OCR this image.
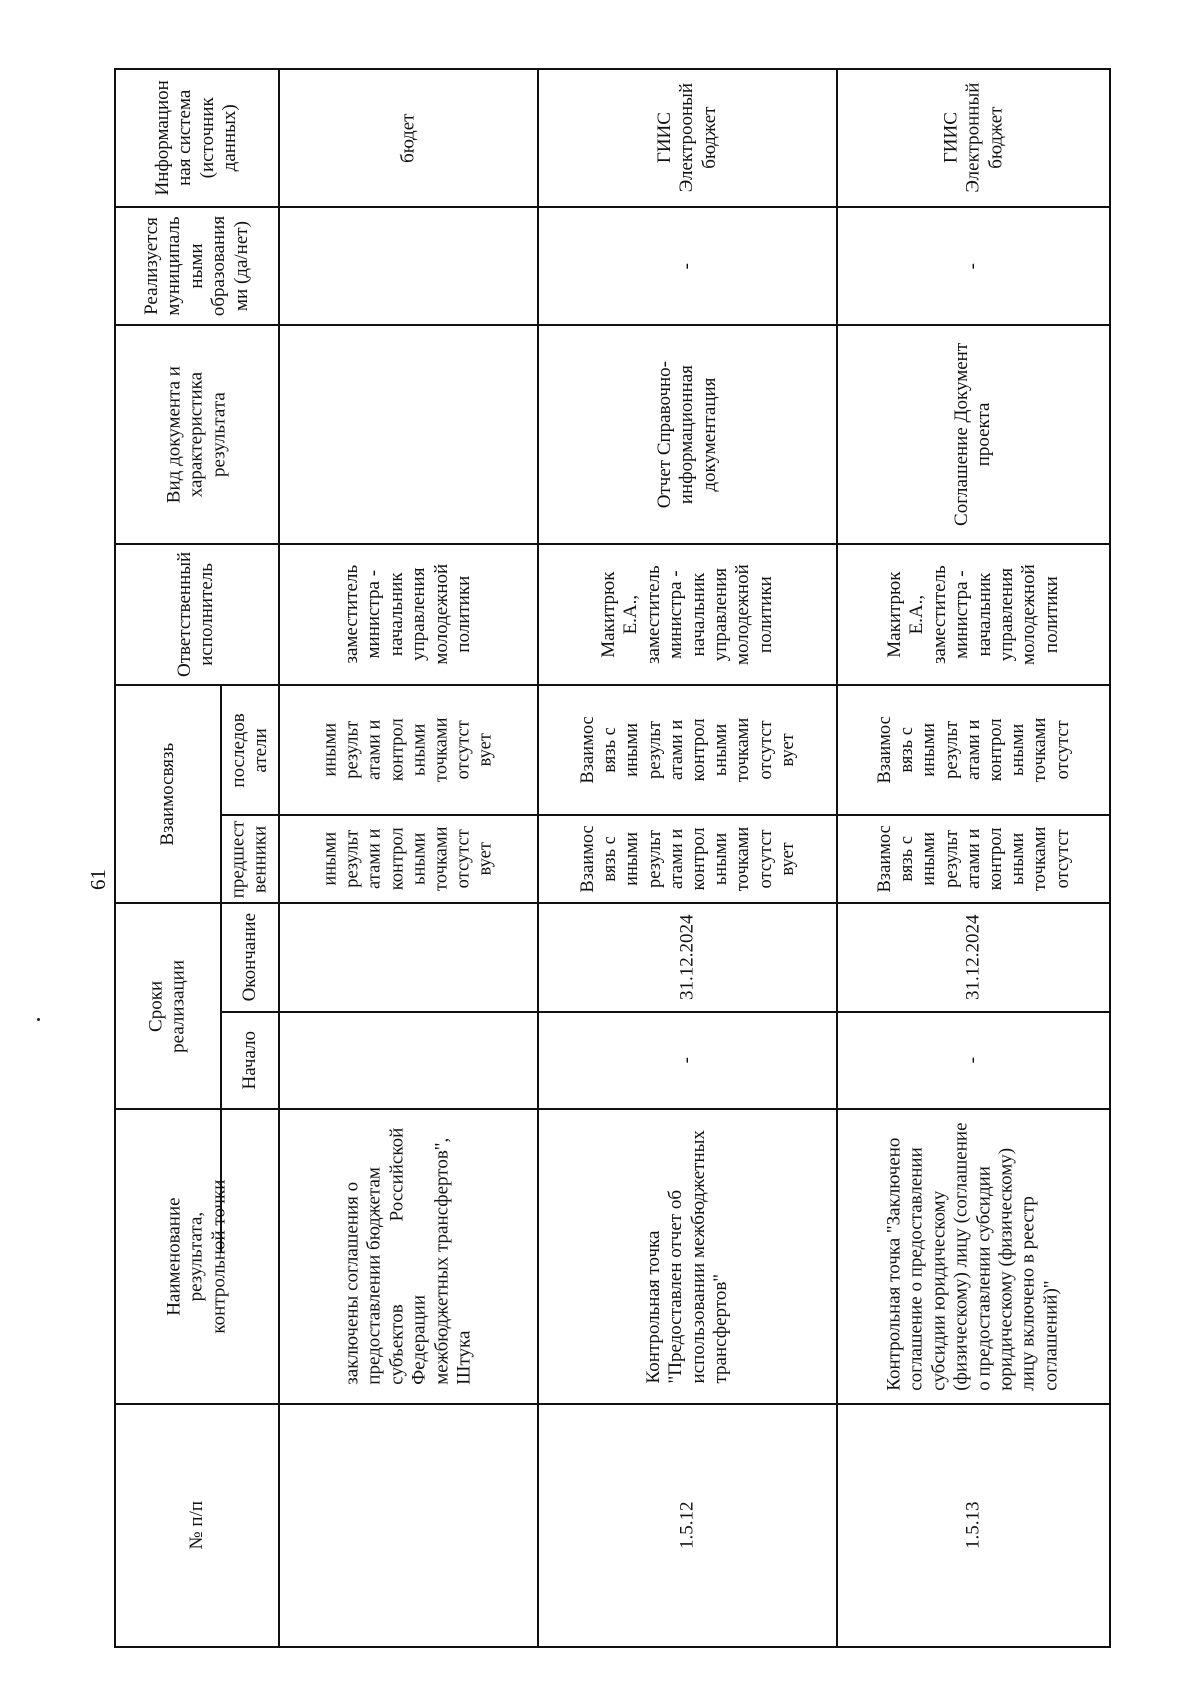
61
Информацион
ная система
(источник
данных)
Реализуется
муниципаль
ными
образования
ми (да/нет)
Вид документа и
характеристика результата
Ответственный
исполнитель
Взаимосвязь	последов
атели
предшест
венники
Сроки реализации
Окончание
Начало
Наименование результата,
контрольной точки
№ п/п
бюдет
заместитель
министра -
начальник
управления
молодежной
политики
иными
результ
атами и
контрол
ьными
точками
отсутст
вует
иными
результ
атами и
контрол
ьными
точками
отсутст
вует
заключены соглашения о
предоставлении бюджетам
субъектов Российской Федерации
межбюджетных трансфертов",
Штука
ГИИС
Электрооный
бюджет
-
Отчет Справочно-
информационная
документация
Макитрюк
Е.А.,
заместитель
министра -
начальник
управления
молодежной
политики
Взаимос
вязь с
иными
результ
атами и
контрол
ьными
точками
отсутст
вует
Взаимос
вязь с
иными
результ
атами и
контрол
ьными
точками
отсутст
вует
31.12.2024
-
Контрольная точка
"Предоставлен отчет об
использовании межбюджетных
трансфертов"
1.5.12
ГИИС
Электронный
бюджет
-
Соглашение Документ
проекта
Макитрюк
Е.А.,
заместитель
министра -
начальник
управления
молодежной
политики
Взаимос
вязь с
иными
результ
атами и
контрол
ьными
точками
отсутст
Взаимос
вязь с
иными
результ
атами и
контрол
ьными
точками
отсутст
31.12.2024
-
Контрольная точка "Заключено
соглашение о предоставлении
субсидии юридическому
(физическому) лицу (соглашение
о предоставлении субсидии
юридическому (физическому)
лицу включено в реестр
соглашений)"
1.5.13
